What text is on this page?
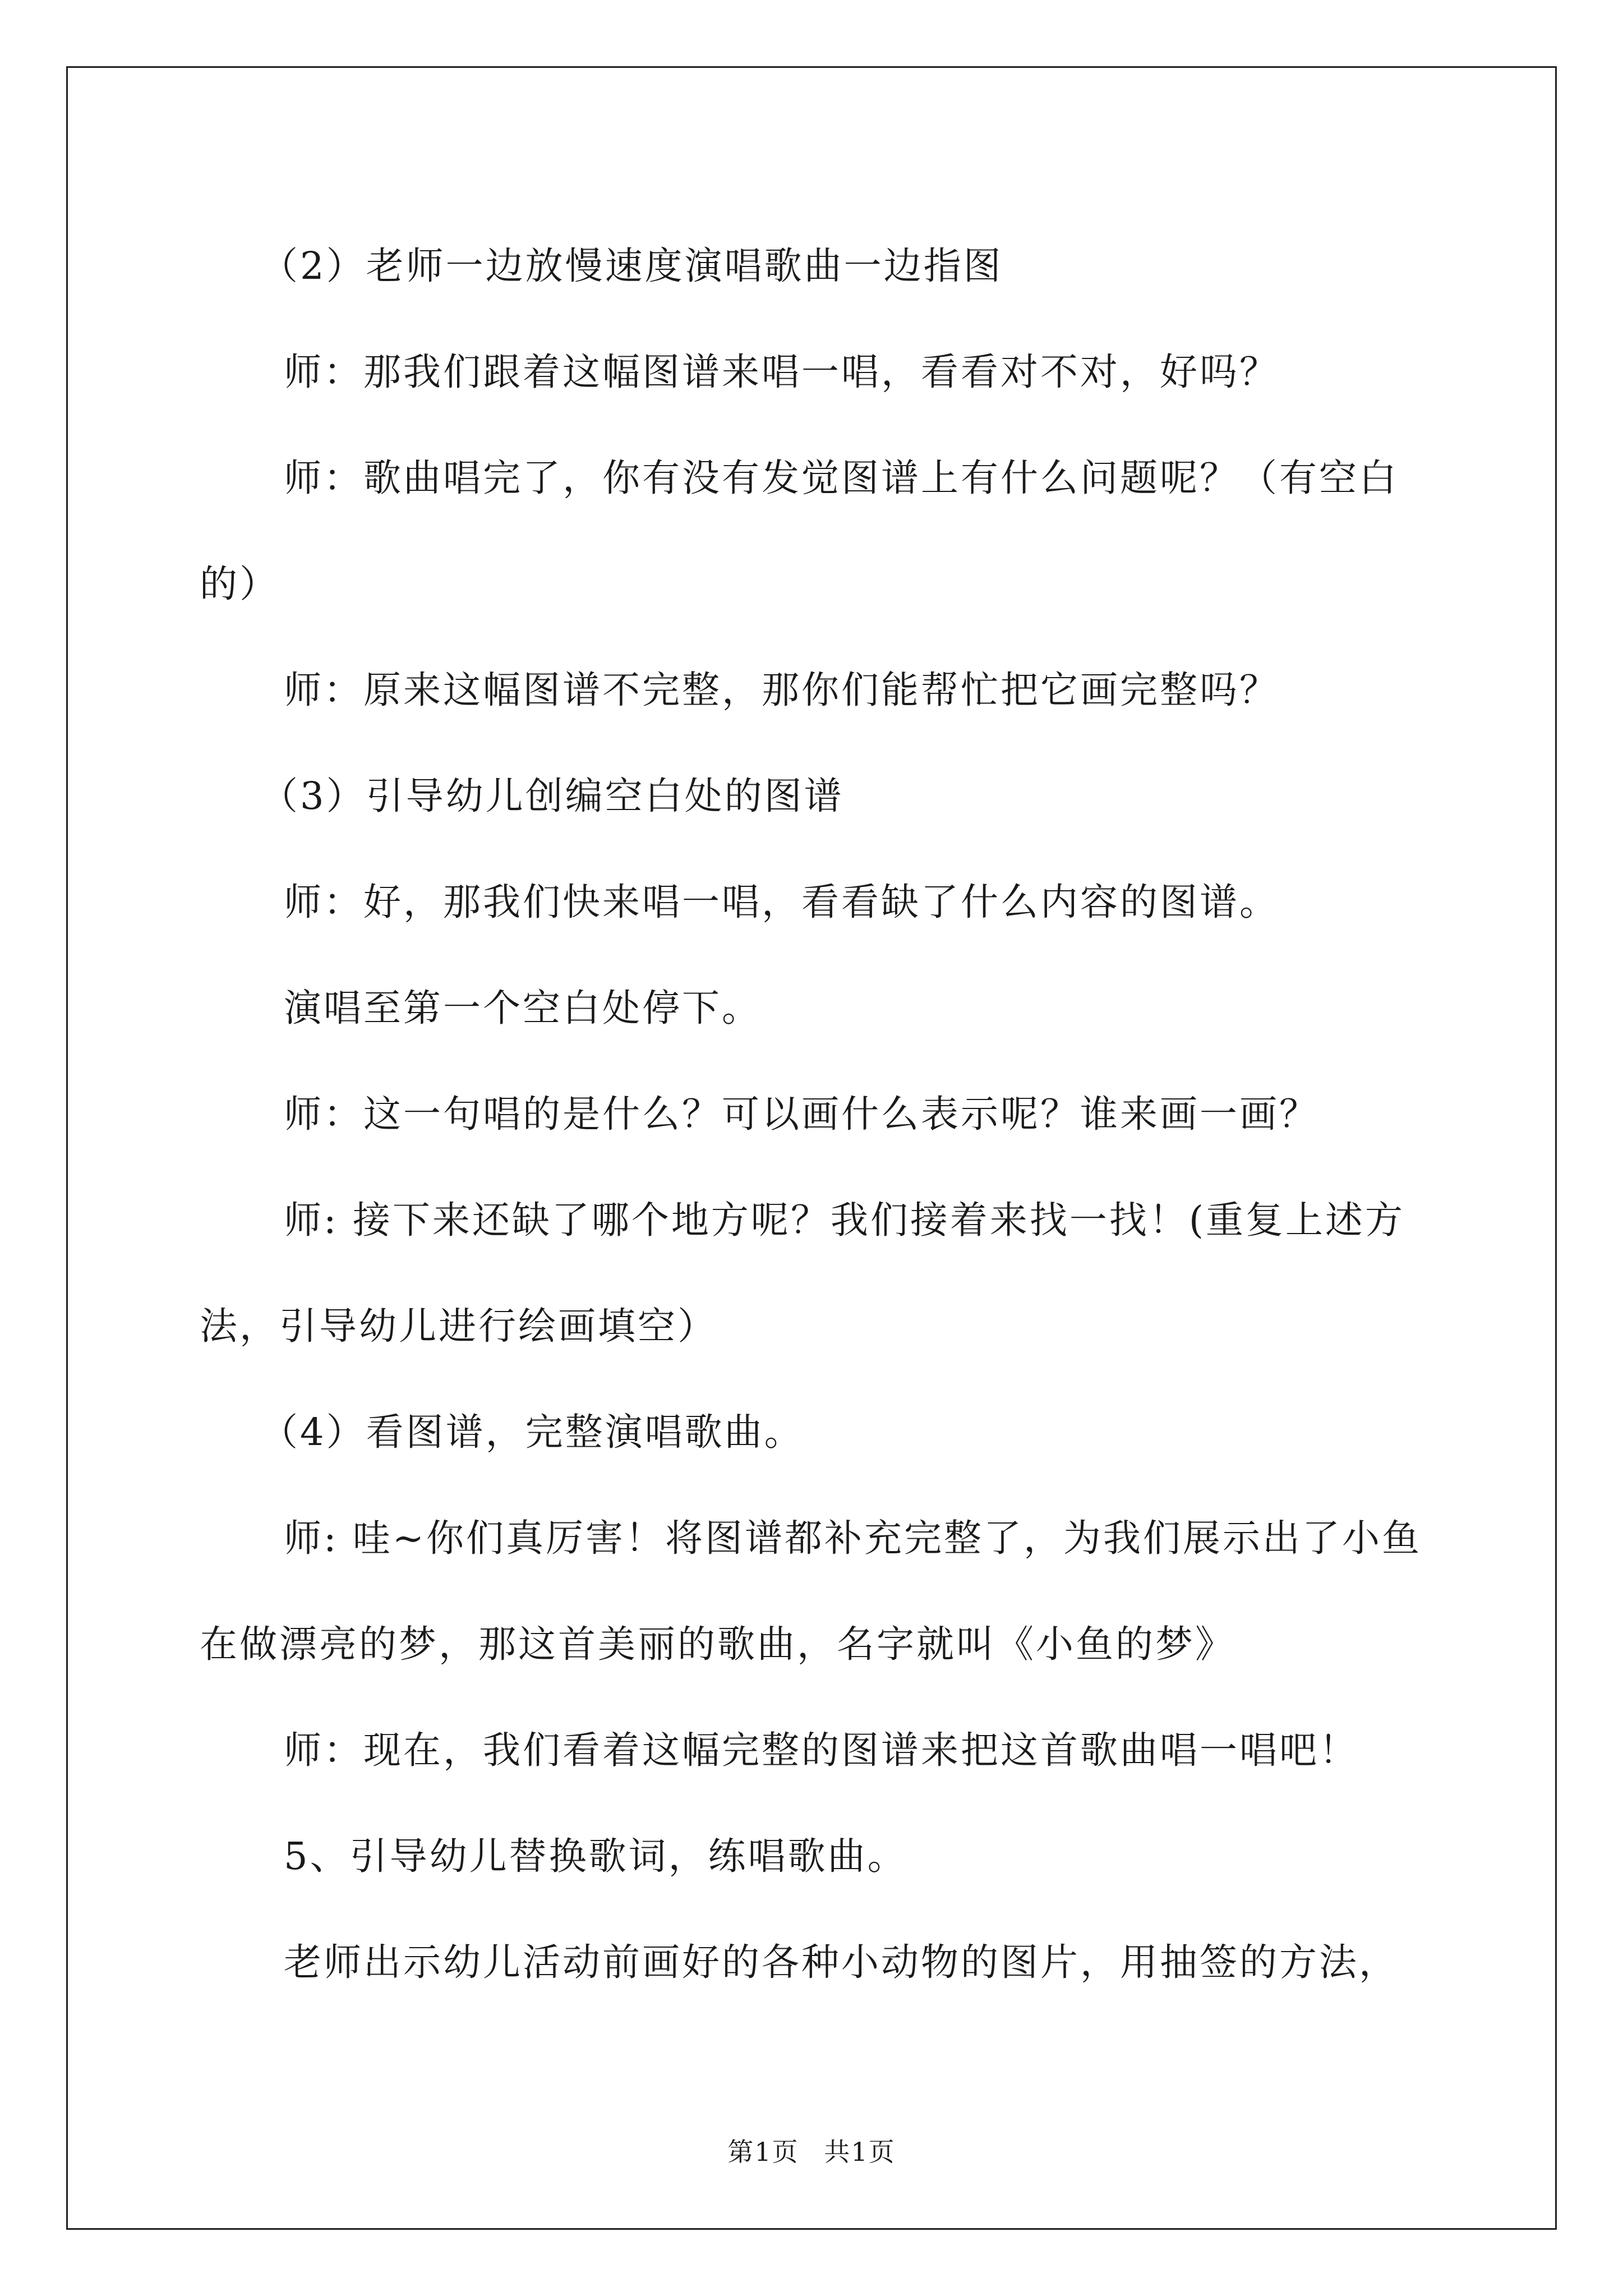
（2）老师一边放慢速度演唱歌曲一边指图
师：那我们跟着这幅图谱来唱一唱，看看对不对，好吗？
师：歌曲唱完了，你有没有发觉图谱上有什么问题呢？（有空白
的）
师：原来这幅图谱不完整，那你们能帮忙把它画完整吗？
（3）引导幼儿创编空白处的图谱
师：好，那我们快来唱一唱，看看缺了什么内容的图谱。
演唱至第一个空白处停下。
师：这一句唱的是什么？可以画什么表示呢？谁来画一画？
师: 接下来还缺了哪个地方呢？我们接着来找一找！(重复上述方
法，引导幼儿进行绘画填空）
（4）看图谱，完整演唱歌曲。
师: 哇~你们真厉害！将图谱都补充完整了，为我们展示出了小鱼
在做漂亮的梦，那这首美丽的歌曲，名字就叫《小鱼的梦》
师：现在，我们看着这幅完整的图谱来把这首歌曲唱一唱吧！
5、引导幼儿替换歌词，练唱歌曲。
老师出示幼儿活动前画好的各种小动物的图片，用抽签的方法，
第1页 共1页
